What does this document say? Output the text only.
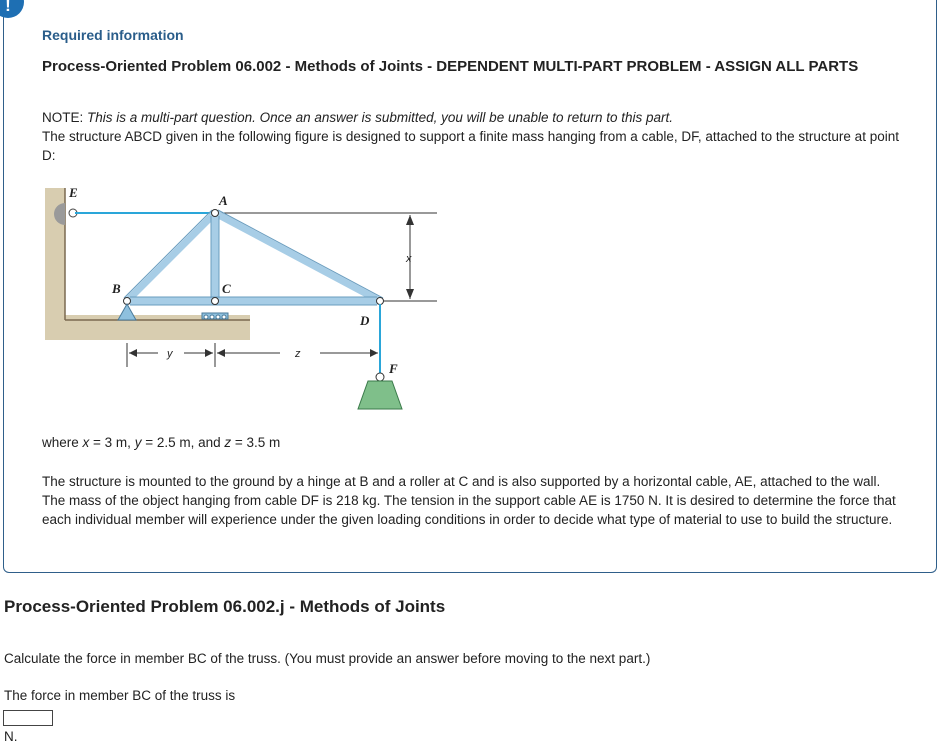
!
Required information
Process-Oriented Problem 06.002 - Methods of Joints - DEPENDENT MULTI-PART PROBLEM - ASSIGN ALL PARTS
NOTE: This is a multi-part question. Once an answer is submitted, you will be unable to return to this part.
The structure ABCD given in the following figure is designed to support a finite mass hanging from a cable, DF, attached to the structure at point D:
E
A
B	C
D
F
x
y	z
where x = 3 m, y = 2.5 m, and z = 3.5 m
The structure is mounted to the ground by a hinge at B and a roller at C and is also supported by a horizontal cable, AE, attached to the wall. The mass of the object hanging from cable DF is 218 kg. The tension in the support cable AE is 1750 N. It is desired to determine the force that each individual member will experience under the given loading conditions in order to decide what type of material to use to build the structure.
Process-Oriented Problem 06.002.j - Methods of Joints
Calculate the force in member BC of the truss. (You must provide an answer before moving to the next part.)
The force in member BC of the truss is
N.
